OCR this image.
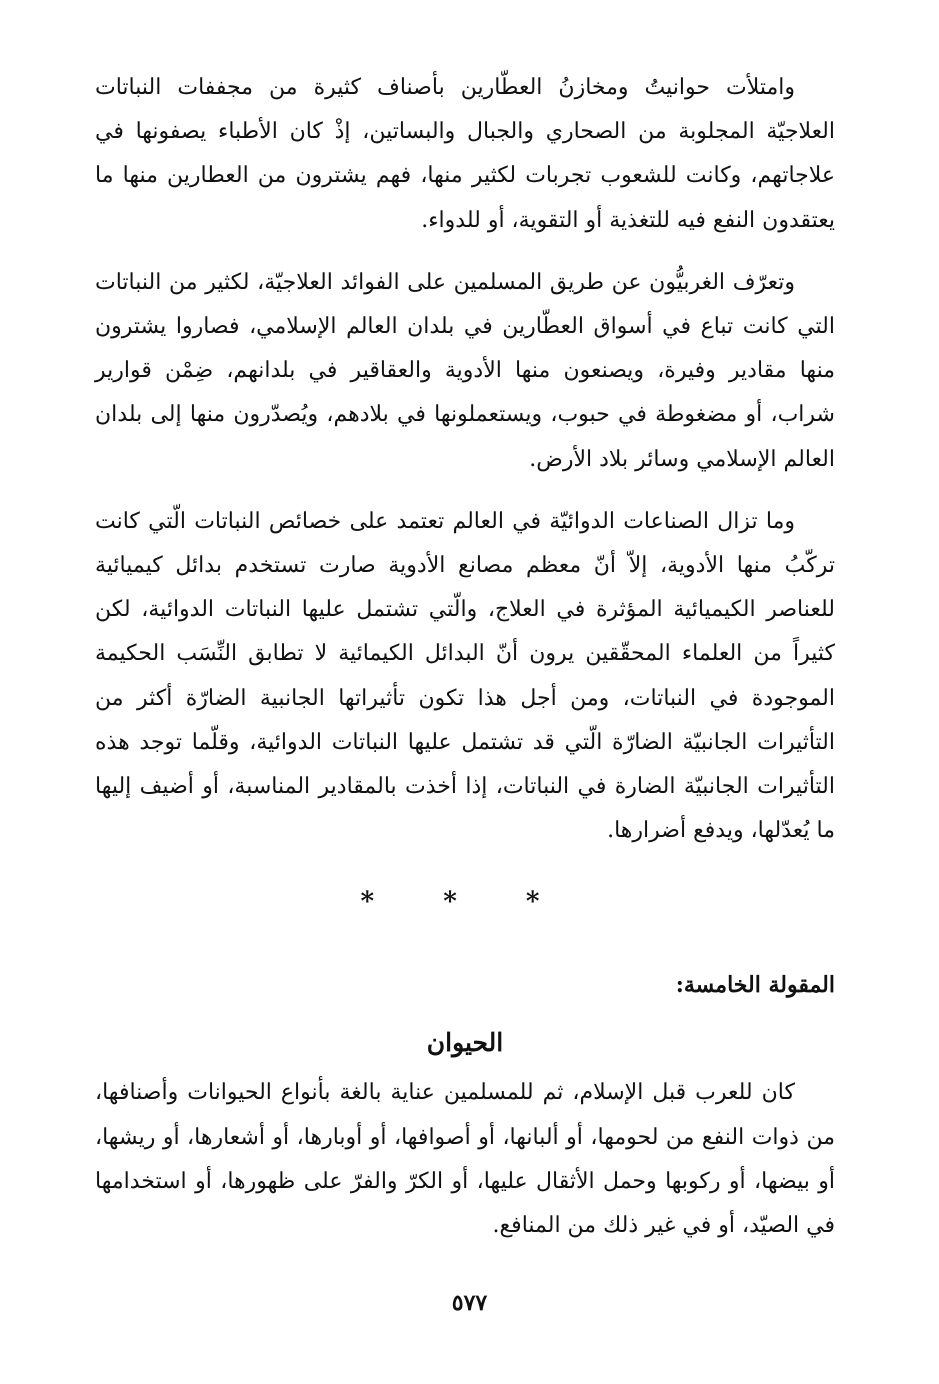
وامتلأت حوانيتُ ومخازنُ العطّارين بأصناف كثيرة من مجففات النباتات العلاجيّة المجلوبة من الصحاري والجبال والبساتين، إذْ كان الأطباء يصفونها في علاجاتهم، وكانت للشعوب تجربات لكثير منها، فهم يشترون من العطارين منها ما يعتقدون النفع فيه للتغذية أو التقوية، أو للدواء.

وتعرّف الغربيُّون عن طريق المسلمين على الفوائد العلاجيّة، لكثير من النباتات التي كانت تباع في أسواق العطّارين في بلدان العالم الإسلامي، فصاروا يشترون منها مقادير وفيرة، ويصنعون منها الأدوية والعقاقير في بلدانهم، ضِمْن قوارير شراب، أو مضغوطة في حبوب، ويستعملونها في بلادهم، ويُصدّرون منها إلى بلدان العالم الإسلامي وسائر بلاد الأرض.

وما تزال الصناعات الدوائيّة في العالم تعتمد على خصائص النباتات الّتي كانت تركّبُ منها الأدوية، إلاّ أنّ معظم مصانع الأدوية صارت تستخدم بدائل كيميائية للعناصر الكيميائية المؤثرة في العلاج، والّتي تشتمل عليها النباتات الدوائية، لكن كثيراً من العلماء المحقّقين يرون أنّ البدائل الكيمائية لا تطابق النِّسَب الحكيمة الموجودة في النباتات، ومن أجل هذا تكون تأثيراتها الجانبية الضارّة أكثر من التأثيرات الجانبيّة الضارّة الّتي قد تشتمل عليها النباتات الدوائية، وقلّما توجد هذه التأثيرات الجانبيّة الضارة في النباتات، إذا أخذت بالمقادير المناسبة، أو أضيف إليها ما يُعدّلها، ويدفع أضرارها.

* * *
المقولة الخامسة:
الحيوان

كان للعرب قبل الإسلام، ثم للمسلمين عناية بالغة بأنواع الحيوانات وأصنافها، من ذوات النفع من لحومها، أو ألبانها، أو أصوافها، أو أوبارها، أو أشعارها، أو ريشها، أو بيضها، أو ركوبها وحمل الأثقال عليها، أو الكرّ والفرّ على ظهورها، أو استخدامها في الصيّد، أو في غير ذلك من المنافع.

٥٧٧
